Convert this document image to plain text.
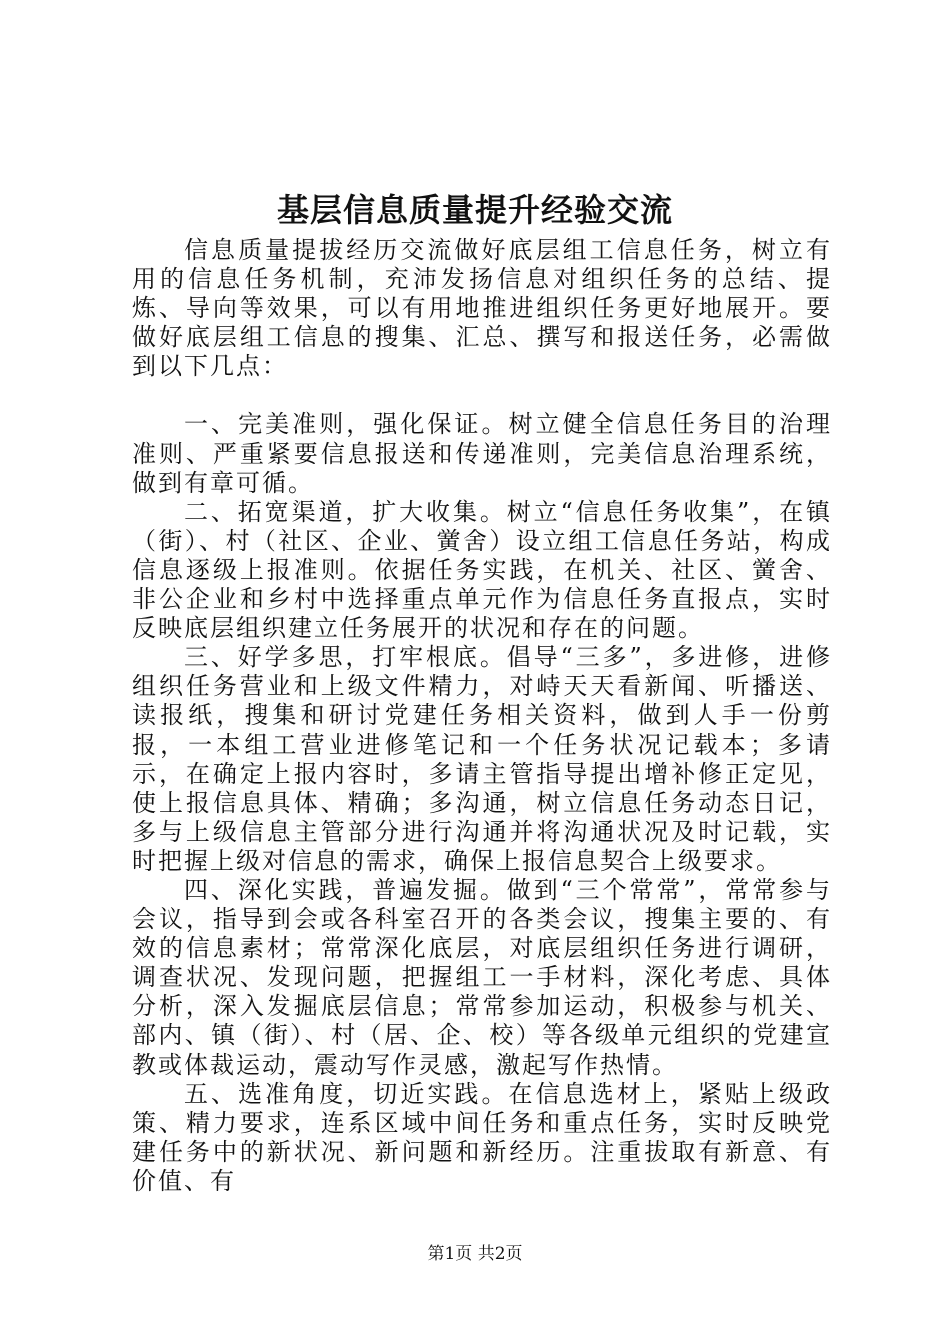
基层信息质量提升经验交流

信息质量提拔经历交流做好底层组工信息任务，树立有用的信息任务机制，充沛发扬信息对组织任务的总结、提炼、导向等效果，可以有用地推进组织任务更好地展开。要做好底层组工信息的搜集、汇总、撰写和报送任务，必需做到以下几点：

一、完美准则，强化保证。树立健全信息任务目的治理准则、严重紧要信息报送和传递准则，完美信息治理系统，做到有章可循。

二、拓宽渠道，扩大收集。树立“信息任务收集”，在镇（街）、村（社区、企业、黉舍）设立组工信息任务站，构成信息逐级上报准则。依据任务实践，在机关、社区、黉舍、非公企业和乡村中选择重点单元作为信息任务直报点，实时反映底层组织建立任务展开的状况和存在的问题。

三、好学多思，打牢根底。倡导“三多”，多进修，进修组织任务营业和上级文件精力，对峙天天看新闻、听播送、读报纸，搜集和研讨党建任务相关资料，做到人手一份剪报，一本组工营业进修笔记和一个任务状况记载本；多请示，在确定上报内容时，多请主管指导提出增补修正定见，使上报信息具体、精确；多沟通，树立信息任务动态日记，多与上级信息主管部分进行沟通并将沟通状况及时记载，实时把握上级对信息的需求，确保上报信息契合上级要求。

四、深化实践，普遍发掘。做到“三个常常”，常常参与会议，指导到会或各科室召开的各类会议，搜集主要的、有效的信息素材；常常深化底层，对底层组织任务进行调研，调查状况、发现问题，把握组工一手材料，深化考虑、具体分析，深入发掘底层信息；常常参加运动，积极参与机关、部内、镇（街）、村（居、企、校）等各级单元组织的党建宣教或体裁运动，震动写作灵感，激起写作热情。

五、选准角度，切近实践。在信息选材上，紧贴上级政策、精力要求，连系区域中间任务和重点任务，实时反映党建任务中的新状况、新问题和新经历。注重拔取有新意、有价值、有

第1页 共2页
